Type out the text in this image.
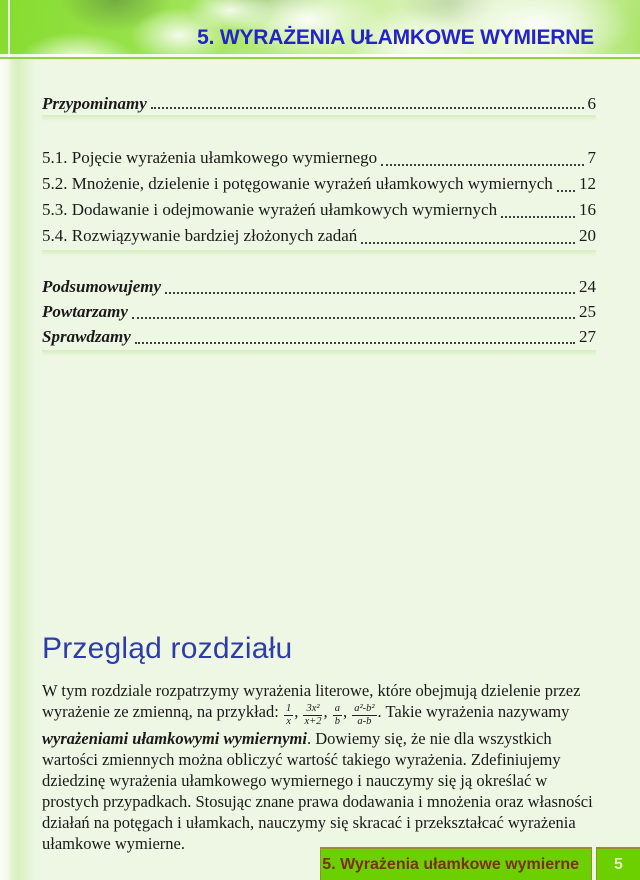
5. WYRAŻENIA UŁAMKOWE WYMIERNE
Przypominamy	6
5.1. Pojęcie wyrażenia ułamkowego wymiernego	7
5.2. Mnożenie, dzielenie i potęgowanie wyrażeń ułamkowych wymiernych 12
5.3. Dodawanie i odejmowanie wyrażeń ułamkowych wymiernych	16
5.4. Rozwiązywanie bardziej złożonych zadań	20
Podsumowujemy	24
Powtarzamy	25
Sprawdzamy	27
Przegląd rozdziału

W tym rozdziale rozpatrzymy wyrażenia literowe, które obejmują dzielenie przez wyrażenie ze zmienną, na przykład: $\frac{1}{x}$ , $\frac{\text{3x²}}{x+2}$ , $\frac{a}{b}$ , $\frac{\text{a²-b²}}{a-b}$ . Takie wyrażenia nazywamy wyrażeniami ułamkowymi wymiernymi. Dowiemy się, że nie dla wszystkich wartości zmiennych można obliczyć wartość takiego wyrażenia. Zdefiniujemy dziedzinę wyrażenia ułamkowego wymiernego i nauczymy się ją określać w prostych przypadkach. Stosując znane prawa dodawania i mnożenia oraz własności działań na potęgach i ułamkach, nauczymy się skracać i przekształcać wyrażenia ułamkowe wymierne.

5. Wyrażenia ułamkowe wymierne 5
